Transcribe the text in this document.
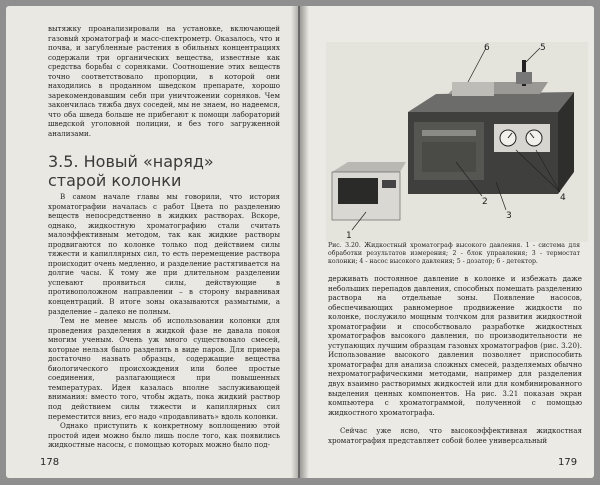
вытяжку проанализировали на установке, включающей газовый хроматограф и масс-спектрометр. Оказалось, что и почва, и загубленные растения в обильных концентрациях содержали три органических вещества, известные как средства борьбы с сорняками. Соотношение этих веществ точно соответствовало пропорции, в которой они находились в проданном шведском препарате, хорошо зарекомендовавшим себя при уничтожении сорняков. Чем закончилась тяжба двух соседей, мы не знаем, но надеемся, что оба шведа больше не прибегают к помощи лабораторий шведской уголовной полиции, и без того загруженной анализами.

3.5. Новый «наряд»
старой колонки

В самом начале главы мы говорили, что история хроматографии началась с работ Цвета по разделению веществ непосредственно в жидких растворах. Вскоре, однако, жидкостную хроматографию стали считать малоэффективным методом, так как жидкие растворы продвигаются по колонке только под действием силы тяжести и капиллярных сил, то есть перемещение раствора происходит очень медленно, и разделение растягивается на долгие часы. К тому же при длительном разделении успевают проявиться силы, действующие в противоположном направлении – в сторону выравнивая концентраций. В итоге зоны оказываются размытыми, а разделение – далеко не полным.

Тем не менее мысль об использовании колонки для проведения разделения в жидкой фазе не давала покоя многим ученым. Очень уж много существовало смесей, которые нельзя было разделить в виде паров. Для примера достаточно назвать образцы, содержащие вещества биологического происхождения или более простые соединения, разлагающиеся при повышенных температурах. Идея казалась вполне заслуживающей внимания: вместо того, чтобы ждать, пока жидкий раствор под действием силы тяжести и капиллярных сил переместится вниз, его надо «продавливать» вдоль колонки.

Однако приступить к конкретному воплощению этой простой идеи можно было лишь после того, как появились жидкостные насосы, с помощью которых можно было под-

178
6	5
2
3
4
1
Рис. 3.20. Жидкостный хроматограф высокого давления. 1 - система для обработки результатов измерения; 2 - блок управления; 3 - термостат колонки; 4 - насос высокого давления; 5 - дозатор; 6 - детектор.

держивать постоянное давление в колонке и избежать даже небольших перепадов давления, способных помешать разделению раствора на отдельные зоны. Появление насосов, обеспечивающих равномерное продвижение жидкости по колонке, послужило мощным толчком для развития жидкостной хроматографии и способствовало разработке жидкостных хроматографов высокого давления, по производительности не уступающих лучшим образцам газовых хроматографов (рис. 3.20). Использование высокого давления позволяет приспособить хроматографы для анализа сложных смесей, разделяемых обычно нехроматографическими методами, например для разделения двух взаимно растворимых жидкостей или для комбинированного выделения ценных компонентов. На рис. 3.21 показан экран компьютера с хроматограммой, полученной с помощью жидкостного хроматографа.

Сейчас уже ясно, что высокоэффективная жидкостная хроматография представляет собой более универсальный

179
